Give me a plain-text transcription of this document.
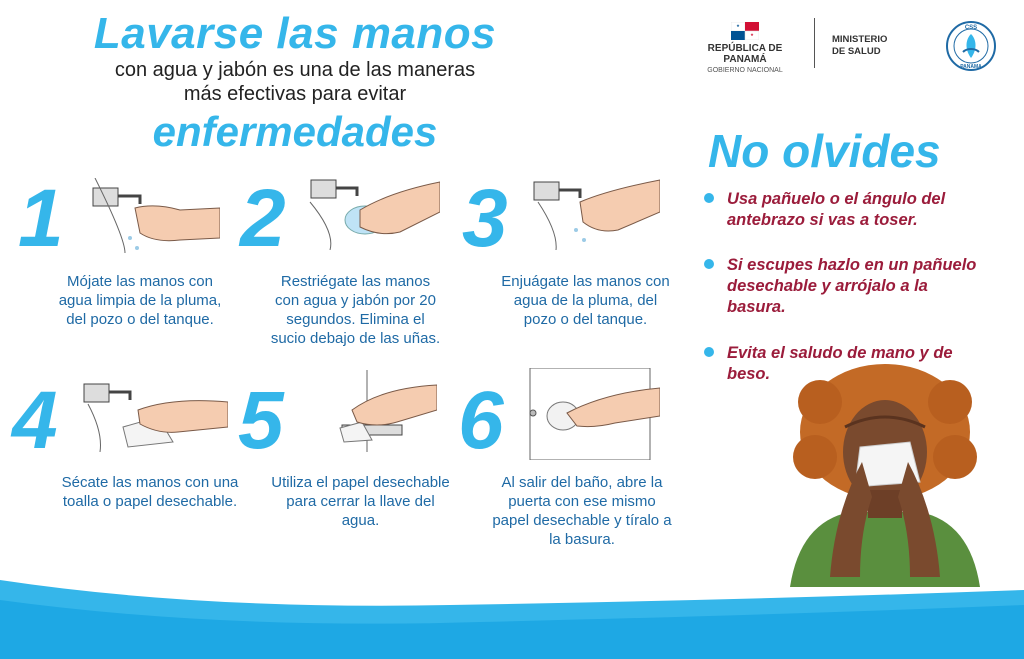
Lavarse las manos
con agua y jabón es una de las maneras
más efectivas para evitar
enfermedades
REPÚBLICA DE PANAMÁ
GOBIERNO NACIONAL
MINISTERIO
DE SALUD
CSS
PANAMA
1
Mójate las manos con
agua limpia de la pluma,
del pozo o del tanque.
2
Restriégate las manos
con agua y jabón por 20
segundos. Elimina el
sucio debajo de las uñas.
3
Enjuágate las manos con
agua de la pluma, del
pozo o del tanque.
4
Sécate las manos con una
toalla o papel desechable.
5
Utiliza el papel desechable
para cerrar la llave del
agua.
6
Al salir del baño, abre la
puerta con ese mismo
papel desechable y tíralo a
la basura.
No olvides
Usa pañuelo o el ángulo del
antebrazo si vas a toser.
Si escupes hazlo en un pañuelo
desechable y arrójalo a la
basura.
Evita el saludo de mano y de
beso.
